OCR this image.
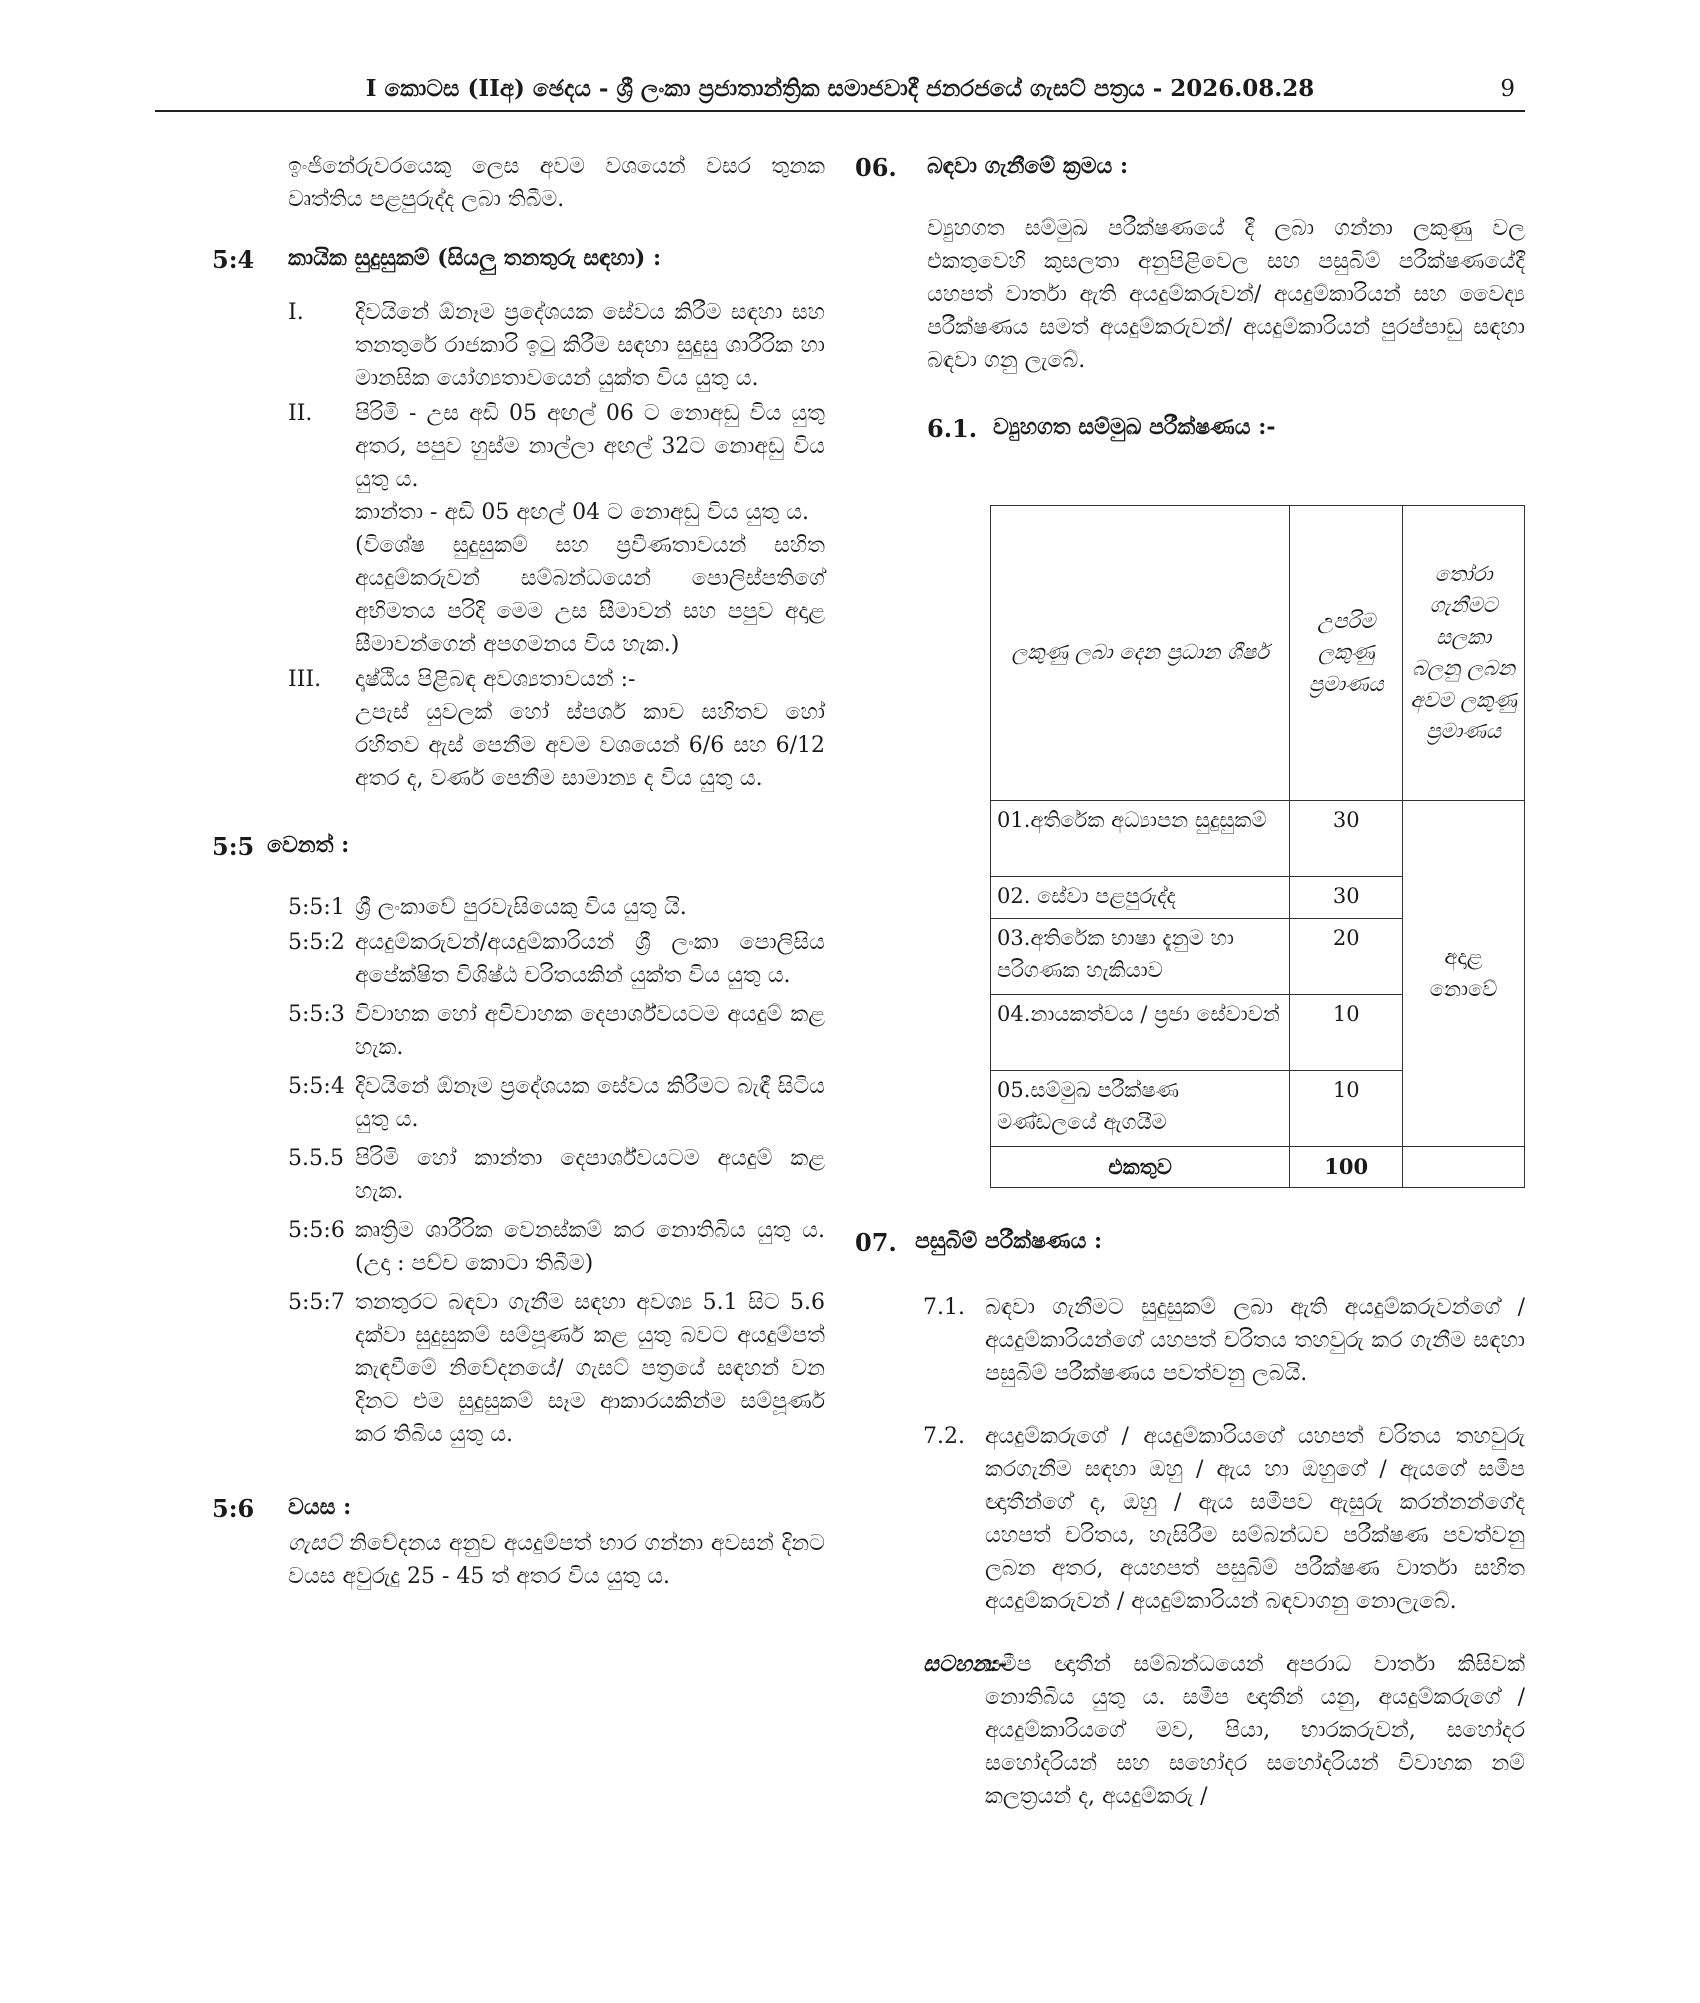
I කොටස (IIඅ) ඡෙදය - ශ්‍රී ලංකා ප්‍රජාතාන්ත්‍රික සමාජවාදී ජනරජයේ ගැසට් පත්‍රය - 2026.08.28	9

ඉංජිනේරුවරයෙකු ලෙස අවම වශයෙන් වසර තුනක වෘත්තිය පළපුරුද්ද ලබා තිබීම.

5:4 කායික සුදුසුකම් (සියලු තනතුරු සඳහා) :
I. දිවයිනේ ඕනෑම ප්‍රදේශයක සේවය කිරීම සඳහා සහ තනතුරේ රාජකාරි ඉටු කිරීම සඳහා සුදුසු ශාරීරික හා මානසික යෝග්‍යතාවයෙන් යුක්ත විය යුතු ය.

II. පිරිමි - උස අඩි 05 අඟල් 06 ට නොඅඩු විය යුතු අතර, පපුව හුස්ම නාල්ලා අඟල් 32ට නොඅඩු විය යුතු ය.

කාන්තා - අඩි 05 අඟල් 04 ට නොඅඩු විය යුතු ය.

(විශේෂ සුදුසුකම් සහ ප්‍රවීණතාවයන් සහිත අයදුම්කරුවන් සම්බන්ධයෙන් පොලිස්පතිගේ අභිමතය පරිදි මෙම උස සීමාවන් සහ පපුව අදාළ සීමාවන්ගෙන් අපගමනය විය හැක.)

III. දෘෂ්ඨිය පිළිබඳ අවශ්‍යතාවයන් :-

උපැස් යුවලක් හෝ ස්පර්ශ කාච සහිතව හෝ රහිතව ඇස් පෙනීම අවම වශයෙන් 6/6 සහ 6/12 අතර ද, වර්ණ පෙනීම සාමාන්‍ය ද විය යුතු ය.

5:5 වෙනත් :
5:5:1 ශ්‍රී ලංකාවේ පුරවැසියෙකු විය යුතු යි.

5:5:2 අයදුම්කරුවන්/අයදුම්කාරියන් ශ්‍රී ලංකා පොලිසිය අපේක්ෂිත විශිෂ්ඨ චරිතයකින් යුක්ත විය යුතු ය.

5:5:3 විවාහක හෝ අවිවාහක දෙපාර්ශ්වයටම අයදුම් කළ හැක.

5:5:4 දිවයිනේ ඕනෑම ප්‍රදේශයක සේවය කිරීමට බැඳී සිටිය යුතු ය.

5.5.5 පිරිමි හෝ කාන්තා දෙපාර්ශ්වයටම අයදුම් කළ හැක.

5:5:6 කෘත්‍රිම ශාරීරික වෙනස්කම් කර නොතිබිය යුතු ය. (උදා : පච්ච කොටා තිබීම)

5:5:7 තනතුරට බඳවා ගැනීම සඳහා අවශ්‍ය 5.1 සිට 5.6 දක්වා සුදුසුකම් සම්පූර්ණ කළ යුතු බවට අයදුම්පත් කැඳවීමේ නිවේදනයේ/ ගැසට් පත්‍රයේ සඳහන් වන දිනට එම සුදුසුකම් සෑම ආකාරයකින්ම සම්පූර්ණ කර තිබිය යුතු ය.

5:6 වයස :

ගැසට් නිවේදනය අනුව අයදුම්පත් භාර ගන්නා අවසන් දිනට වයස අවුරුදු 25 - 45 ත් අතර විය යුතු ය.

06. බඳවා ගැනීමේ ක්‍රමය :

ව්‍යුහගත සම්මුඛ පරීක්ෂණයේ දී ලබා ගන්නා ලකුණු වල එකතුවෙහි කුසලතා අනුපිළිවෙල සහ පසුබිම් පරීක්ෂණයේදී යහපත් වාර්තා ඇති අයදුම්කරුවන්/ අයදුම්කාරියන් සහ වෛද්‍ය පරීක්ෂණය සමත් අයදුම්කරුවන්/ අයදුම්කාරියන් පුරප්පාඩු සඳහා බඳවා ගනු ලැබේ.

6.1. ව්‍යුහගත සම්මුඛ පරීක්ෂණය :-
ලකුණු ලබා දෙන ප්‍රධාන ශීර්ෂ	උපරිම ලකුණු ප්‍රමාණය	තෝරා ගැනීමට සලකා බලනු ලබන අවම ලකුණු ප්‍රමාණය
01.අතිරේක අධ්‍යාපන සුදුසුකම්	30	අදාළ නොවේ
02. සේවා පළපුරුද්ද	30	
03.අතිරේක භාෂා දැනුම හා පරිගණක හැකියාව	20	
04.නායකත්වය / ප්‍රජා සේවාවන්	10	
05.සම්මුඛ පරීක්ෂණ මණ්ඩලයේ ඇගයීම	10	
එකතුව	100	
07. පසුබිම් පරීක්ෂණය :
7.1. බඳවා ගැනීමට සුදුසුකම් ලබා ඇති අයදුම්කරුවන්ගේ / අයදුම්කාරියන්ගේ යහපත් චරිතය තහවුරු කර ගැනීම සඳහා පසුබිම් පරීක්ෂණය පවත්වනු ලබයි.

7.2. අයදුම්කරුගේ / අයදුම්කාරියගේ යහපත් චරිතය තහවුරු කරගැනීම සඳහා ඔහු / ඇය හා ඔහුගේ / ඇයගේ සමීප ඥාතීන්ගේ ද, ඔහු / ඇය සමීපව ඇසුරු කරන්නන්ගේද යහපත් චරිතය, හැසිරීම සම්බන්ධව පරීක්ෂණ පවත්වනු ලබන අතර, අයහපත් පසුබිම් පරීක්ෂණ වාර්තා සහිත අයදුම්කරුවන් / අයදුම්කාරියන් බඳවාගනු නොලැබේ.

සටහන:-

සමීප ඥාතීන් සම්බන්ධයෙන් අපරාධ වාර්තා කිසිවක් නොතිබිය යුතු ය. සමීප ඥාතීන් යනු, අයදුම්කරුගේ / අයදුම්කාරියගේ මව, පියා, භාරකරුවන්, සහෝදර සහෝදරියන් සහ සහෝදර සහෝදරියන් විවාහක නම් කලත්‍රයන් ද, අයදුම්කරු /
